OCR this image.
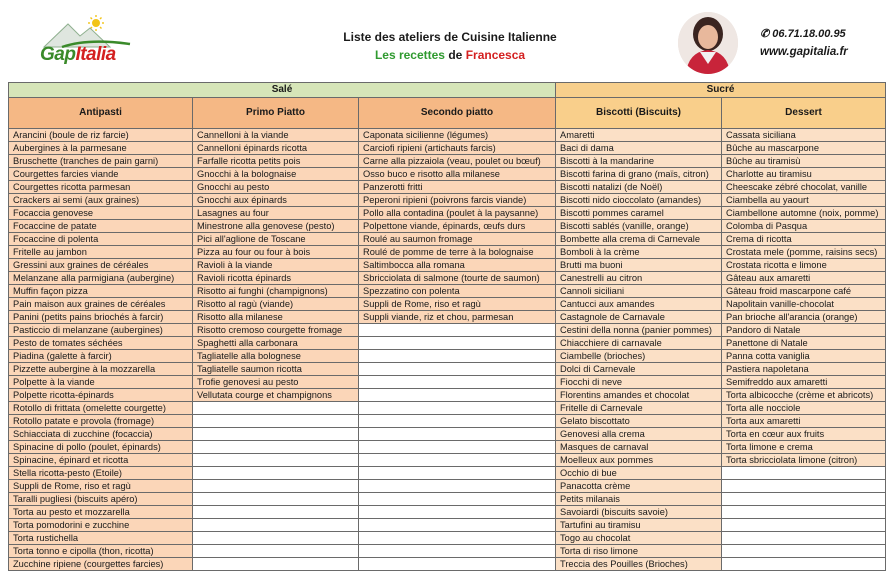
GapItalia
Liste des ateliers de Cuisine Italienne
Les recettes de Francesca
✆ 06.71.18.00.95
www.gapitalia.fr
Salé			Sucré	
Antipasti	Primo Piatto	Secondo piatto	Biscotti (Biscuits)	Dessert
Arancini (boule de riz farcie)	Cannelloni à la viande	Caponata sicilienne (légumes)	Amaretti	Cassata siciliana
Aubergines à la parmesane	Cannelloni épinards ricotta	Carciofi ripieni (artichauts farcis)	Baci di dama	Bûche au mascarpone
Bruschette (tranches de pain garni)	Farfalle ricotta petits pois	Carne alla pizzaiola (veau, poulet ou bœuf)	Biscotti à la mandarine	Bûche au tiramisù
Courgettes farcies viande	Gnocchi à la bolognaise	Osso buco e risotto alla milanese	Biscotti farina di grano (maïs, citron)	Charlotte au tiramisu
Courgettes ricotta parmesan	Gnocchi au pesto	Panzerotti fritti	Biscotti natalizi (de Noël)	Cheescake zébré chocolat, vanille
Crackers ai semi (aux graines)	Gnocchi aux épinards	Peperoni ripieni (poivrons farcis viande)	Biscotti nido cioccolato (amandes)	Ciambella au yaourt
Focaccia genovese	Lasagnes au four	Pollo alla contadina (poulet à la paysanne)	Biscotti pommes caramel	Ciambellone automne (noix, pomme)
Focaccine de patate	Minestrone alla genovese (pesto)	Polpettone viande, épinards, œufs durs	Biscotti sablés (vanille, orange)	Colomba di Pasqua
Focaccine di polenta	Pici all'aglione de Toscane	Roulé au saumon fromage	Bombette alla crema di Carnevale	Crema di ricotta
Fritelle au jambon	Pizza au four ou four à bois	Roulé de pomme de terre à la bolognaise	Bomboli à la crème	Crostata mele (pomme, raisins secs)
Gressini aux graines de céréales	Ravioli à la viande	Saltimbocca alla romana	Brutti ma buoni	Crostata ricotta e limone
Melanzane alla parmigiana (aubergine)	Ravioli ricotta épinards	Sbricciolata di salmone (tourte de saumon)	Canestrelli au citron	Gâteau aux amaretti
Muffin façon pizza	Risotto ai funghi (champignons)	Spezzatino con polenta	Cannoli siciliani	Gâteau froid mascarpone café
Pain maison aux graines de céréales	Risotto al ragù (viande)	Suppli de Rome, riso et ragù	Cantucci aux amandes	Napolitain vanille-chocolat
Panini (petits pains briochés à farcir)	Risotto alla milanese	Suppli viande, riz et chou, parmesan	Castagnole de Carnavale	Pan brioche all'arancia (orange)
Pasticcio di melanzane (aubergines)	Risotto cremoso courgette fromage		Cestini della nonna (panier pommes)	Pandoro di Natale
Pesto de tomates séchées	Spaghetti alla carbonara		Chiacchiere di carnavale	Panettone di Natale
Piadina (galette à farcir)	Tagliatelle alla bolognese		Ciambelle (brioches)	Panna cotta vaniglia
Pizzette aubergine à la mozzarella	Tagliatelle saumon ricotta		Dolci di Carnevale	Pastiera napoletana
Polpette à la viande	Trofie genovesi au pesto		Fiocchi di neve	Semifreddo aux amaretti
Polpette ricotta-épinards	Vellutata courge et champignons		Florentins amandes et chocolat	Torta albicocche (crème et abricots)
Rotollo di frittata (omelette courgette)			Fritelle di Carnevale	Torta alle nocciole
Rotollo patate e provola (fromage)			Gelato biscottato	Torta aux amaretti
Schiacciata di zucchine (focaccia)			Genovesi alla crema	Torta en cœur aux fruits
Spinacine di pollo (poulet, épinards)			Masques de carnaval	Torta limone e crema
Spinacine, épinard et ricotta			Moelleux aux pommes	Torta sbricciolata limone (citron)
Stella ricotta-pesto (Etoile)			Occhio di bue	
Suppli de Rome, riso et ragù			Panacotta crème	
Taralli pugliesi (biscuits apéro)			Petits milanais	
Torta au pesto et mozzarella			Savoiardi (biscuits savoie)	
Torta pomodorini e zucchine			Tartufini au tiramisu	
Torta rustichella			Togo au chocolat	
Torta tonno e cipolla (thon, ricotta)			Torta di riso limone	
Zucchine ripiene (courgettes farcies)			Treccia des Pouilles (Brioches)	
